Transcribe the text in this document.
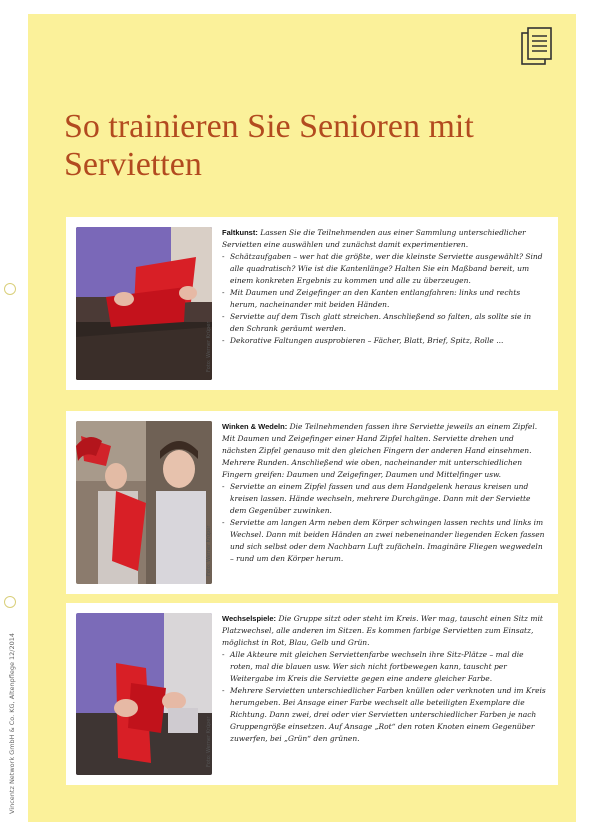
So trainieren Sie Senioren mit Servietten
Foto: Werner Krüper
Faltkunst: Lassen Sie die Teilnehmenden aus einer Sammlung unterschiedlicher Servietten eine auswählen und zunächst damit experimentieren.
- Schätzaufgaben – wer hat die größte, wer die kleinste Serviette ausgewählt? Sind alle quadratisch? Wie ist die Kantenlänge? Halten Sie ein Maßband bereit, um einem konkreten Ergebnis zu kommen und alle zu überzeugen.
- Mit Daumen und Zeigefinger an den Kanten entlangfahren: links und rechts herum, nacheinander mit beiden Händen.
- Serviette auf dem Tisch glatt streichen. Anschließend so falten, als sollte sie in den Schrank geräumt werden.
- Dekorative Faltungen ausprobieren – Fächer, Blatt, Brief, Spitz, Rolle ...
Foto: Werner Krüper
Winken & Wedeln: Die Teilnehmenden fassen ihre Serviette jeweils an einem Zipfel. Mit Daumen und Zeigefinger einer Hand Zipfel halten. Serviette drehen und nächsten Zipfel genauso mit den gleichen Fingern der anderen Hand einsehmen. Mehrere Runden. Anschließend wie oben, nacheinander mit unterschiedlichen Fingern greifen: Daumen und Zeigefinger, Daumen und Mittelfinger usw.
- Serviette an einem Zipfel fassen und aus dem Handgelenk heraus kreisen und kreisen lassen. Hände wechseln, mehrere Durchgänge. Dann mit der Serviette dem Gegenüber zuwinken.
- Serviette am langen Arm neben dem Körper schwingen lassen rechts und links im Wechsel. Dann mit beiden Händen an zwei nebeneinander liegenden Ecken fassen und sich selbst oder dem Nachbarn Luft zufächeln. Imaginäre Fliegen wegwedeln – rund um den Körper herum.
Foto: Werner Krüper
Wechselspiele: Die Gruppe sitzt oder steht im Kreis. Wer mag, tauscht einen Sitz mit Platzwechsel, alle anderen im Sitzen. Es kommen farbige Servietten zum Einsatz, möglichst in Rot, Blau, Gelb und Grün.
- Alle Akteure mit gleichen Serviettenfarbe wechseln ihre Sitz-Plätze – mal die roten, mal die blauen usw. Wer sich nicht fortbewegen kann, tauscht per Weitergabe im Kreis die Serviette gegen eine andere gleicher Farbe.
- Mehrere Servietten unterschiedlicher Farben knüllen oder verknoten und im Kreis herumgeben. Bei Ansage einer Farbe wechselt alle beteiligten Exemplare die Richtung. Dann zwei, drei oder vier Servietten unterschiedlicher Farben je nach Gruppengröße einsetzen. Auf Ansage „Rot“ den roten Knoten einem Gegenüber zuwerfen, bei „Grün“ den grünen.
Vincentz Network GmbH & Co. KG, Altenpflege 12/2014
